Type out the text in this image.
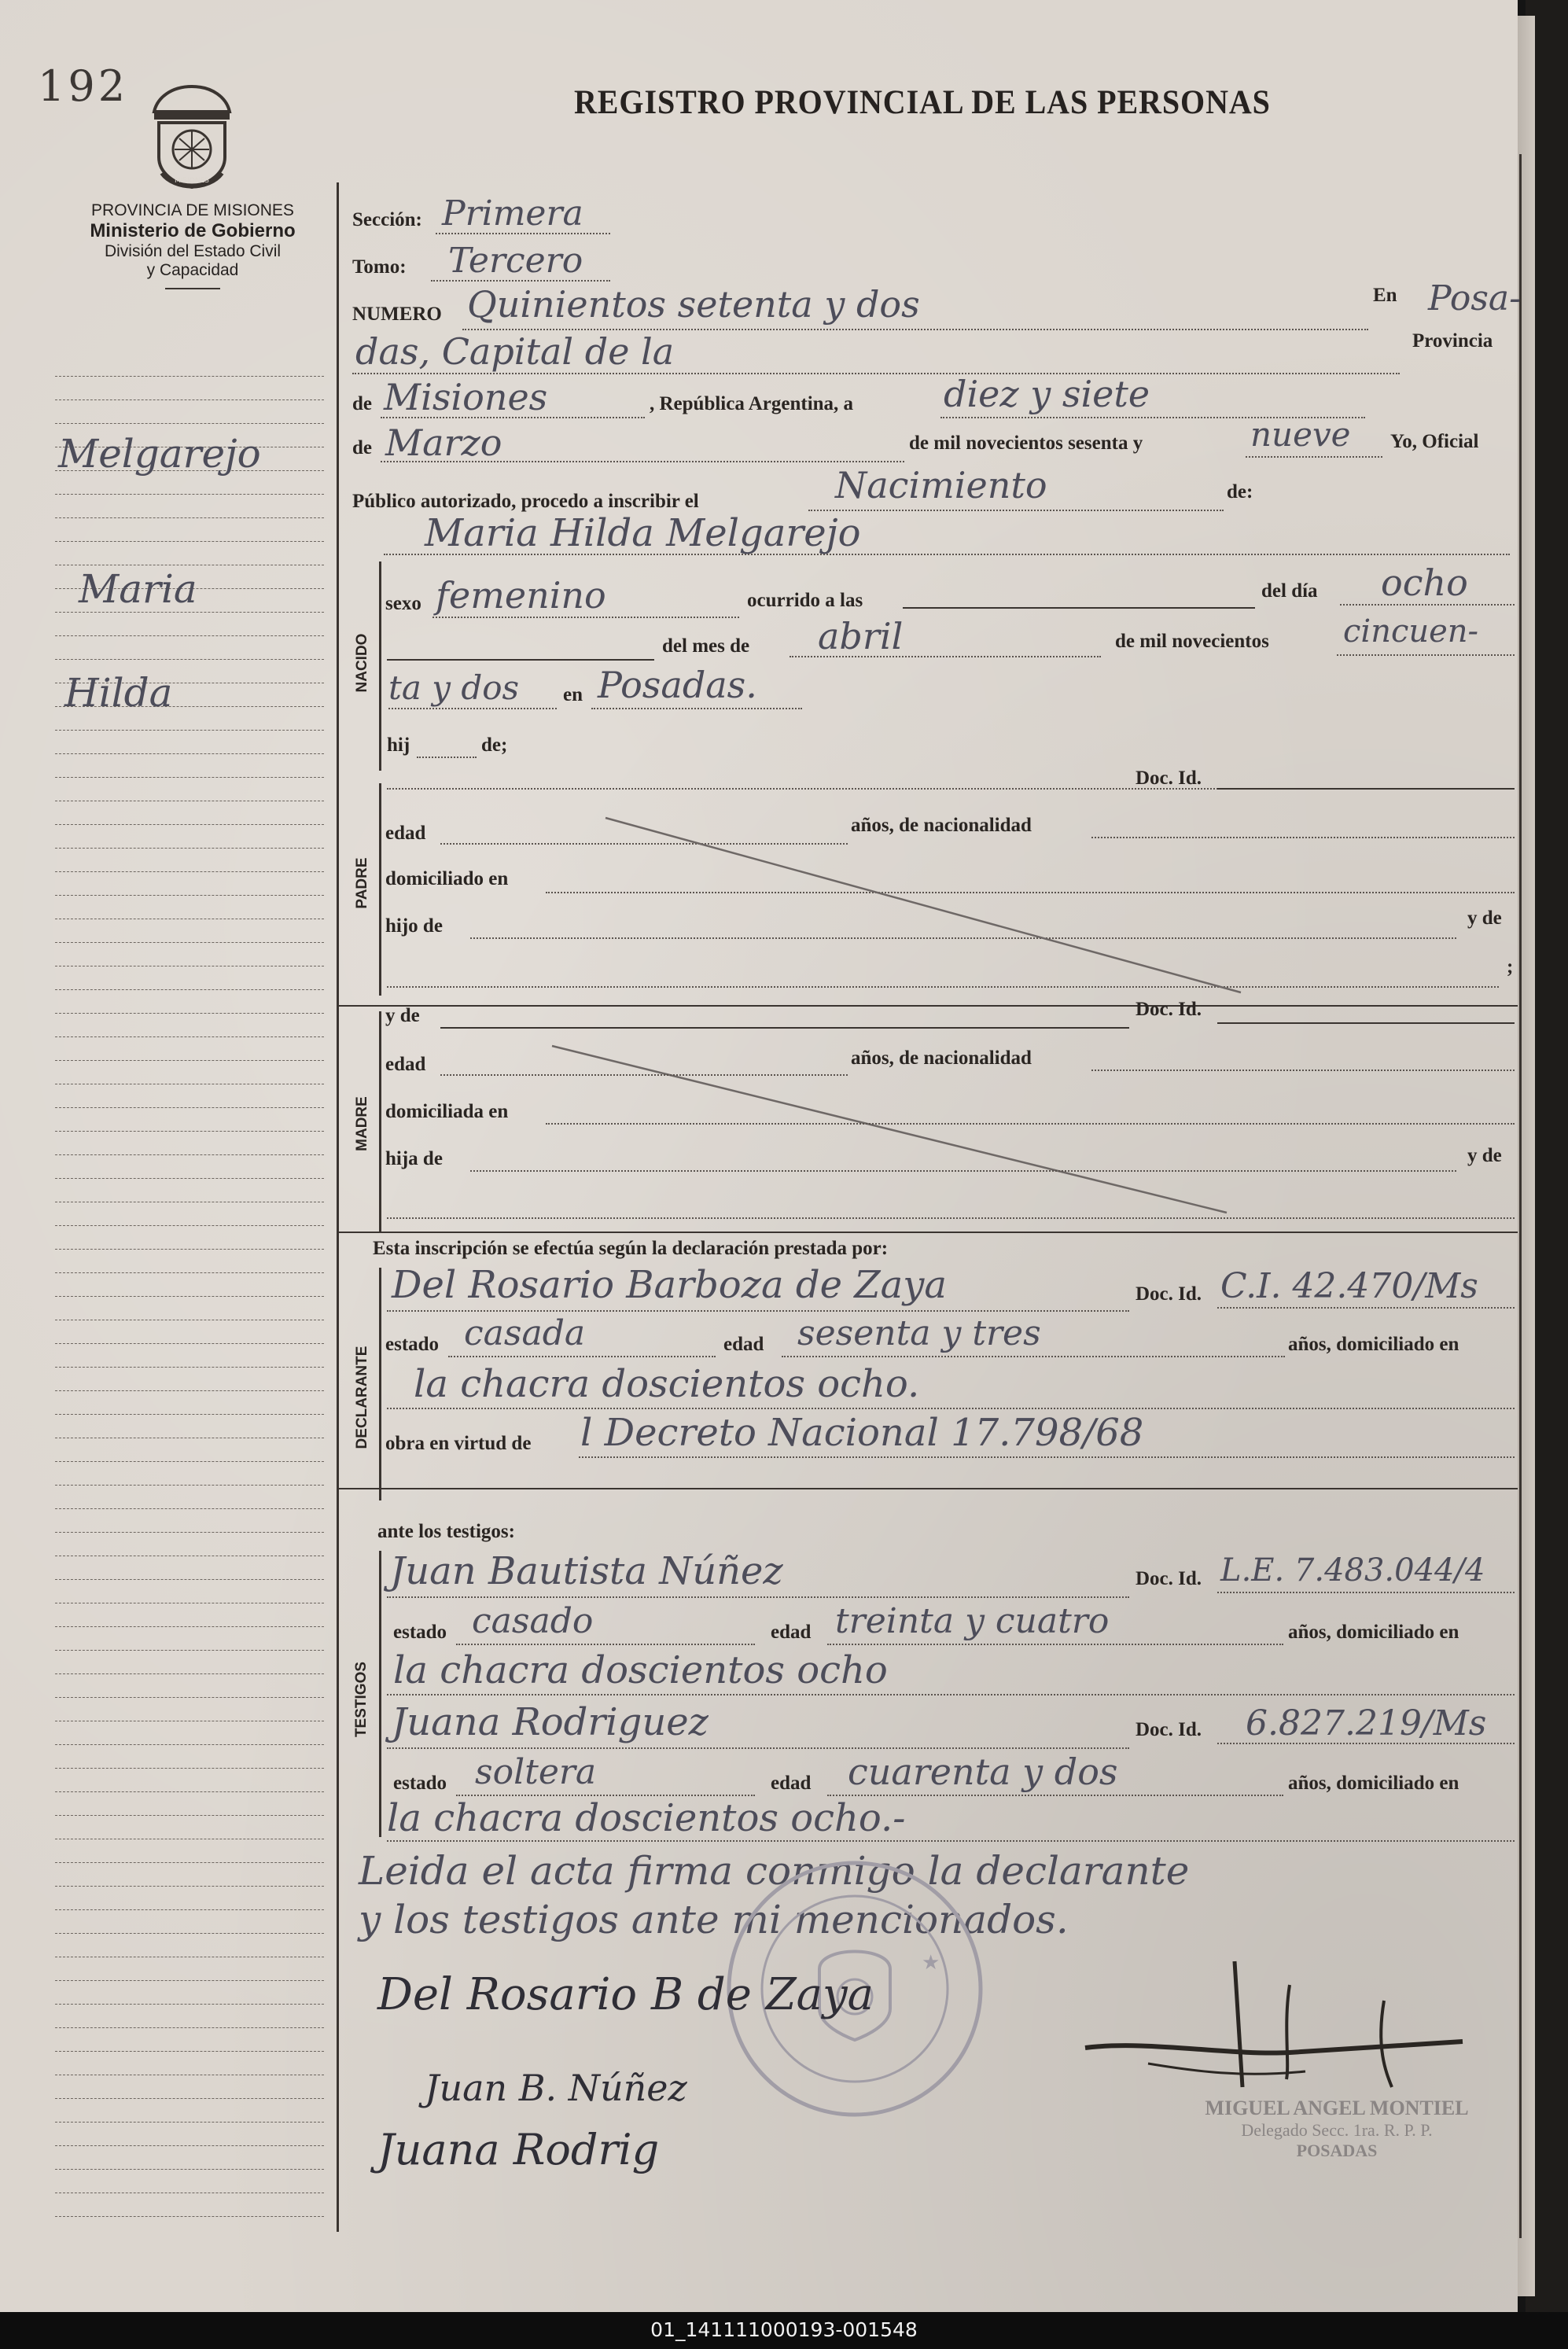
192
MISIONES
REGISTRO PROVINCIAL DE LAS PERSONAS
PROVINCIA DE MISIONES
Ministerio de Gobierno
División del Estado Civil
y Capacidad
Melgarejo
Maria
Hilda
Sección: Primera
Tomo: Tercero
NUMERO Quinientos setenta y dos	En Posa-
das, Capital de la	Provincia
de Misiones	, República Argentina, a diez y siete
de Marzo	de mil novecientos sesenta y	nueve Yo, Oficial
Público autorizado, procedo a inscribir el	Nacimiento	de:
Maria Hilda Melgarejo
NACIDO
sexo femenino	ocurrido a las	del día ocho
del mes de abril	de mil novecientos cincuen-
ta y dos en Posadas.
hij	de;
PADRE
Doc. Id.
edad	años, de nacionalidad
domiciliado en
hijo de	y de
;
MADRE
y de	Doc. Id.
edad	años, de nacionalidad
domiciliada en
hija de	y de
Esta inscripción se efectúa según la declaración prestada por:
DECLARANTE
Del Rosario Barboza de Zaya	Doc. Id. C.I. 42.470/Ms
estado casada	edad sesenta y tres	años, domiciliado en
la chacra doscientos ocho.
obra en virtud de l Decreto Nacional 17.798/68
ante los testigos:
TESTIGOS
Juan Bautista Núñez	Doc. Id. L.E. 7.483.044/4
estado casado	edad treinta y cuatro	años, domiciliado en
la chacra doscientos ocho
Juana Rodriguez	Doc. Id. 6.827.219/Ms
estado soltera	edad cuarenta y dos	años, domiciliado en
la chacra doscientos ocho.-
Leida el acta firma conmigo la declarante
y los testigos ante mi mencionados.
★
Del Rosario B de Zaya
Juan B. Núñez
Juana Rodrig
MIGUEL ANGEL MONTIEL
Delegado Secc. 1ra. R. P. P.
POSADAS
01_141111000193-001548
